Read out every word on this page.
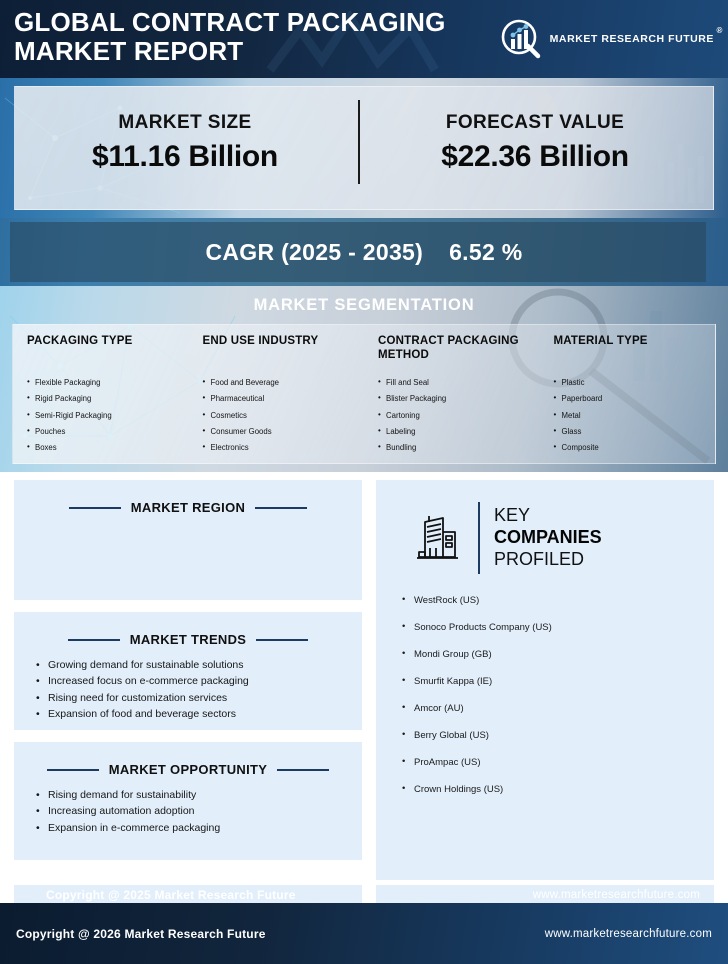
GLOBAL CONTRACT PACKAGING MARKET REPORT	MARKET RESEARCH FUTURE
®
MARKET SIZE
$11.16 Billion
FORECAST VALUE
$22.36 Billion
CAGR (2025 - 2035) 6.52 %
MARKET SEGMENTATION
PACKAGING TYPE
• Flexible Packaging
• Rigid Packaging
• Semi-Rigid Packaging
• Pouches
• Boxes
END USE INDUSTRY
• Food and Beverage
• Pharmaceutical
• Cosmetics
• Consumer Goods
• Electronics
CONTRACT PACKAGING METHOD
• Fill and Seal
• Blister Packaging
• Cartoning
• Labeling
• Bundling
MATERIAL TYPE
• Plastic
• Paperboard
• Metal
• Glass
• Composite
MARKET REGION
MARKET TRENDS
• Growing demand for sustainable solutions
• Increased focus on e-commerce packaging
• Rising need for customization services
• Expansion of food and beverage sectors
MARKET OPPORTUNITY
• Rising demand for sustainability
• Increasing automation adoption
• Expansion in e-commerce packaging
KEY
COMPANIES
PROFILED
• WestRock (US)
• Sonoco Products Company (US)
• Mondi Group (GB)
• Smurfit Kappa (IE)
• Amcor (AU)
• Berry Global (US)
• ProAmpac (US)
• Crown Holdings (US)
Copyright @ 2025 Market Research Future	www.marketresearchfuture.com
Copyright @ 2026 Market Research Future	www.marketresearchfuture.com
